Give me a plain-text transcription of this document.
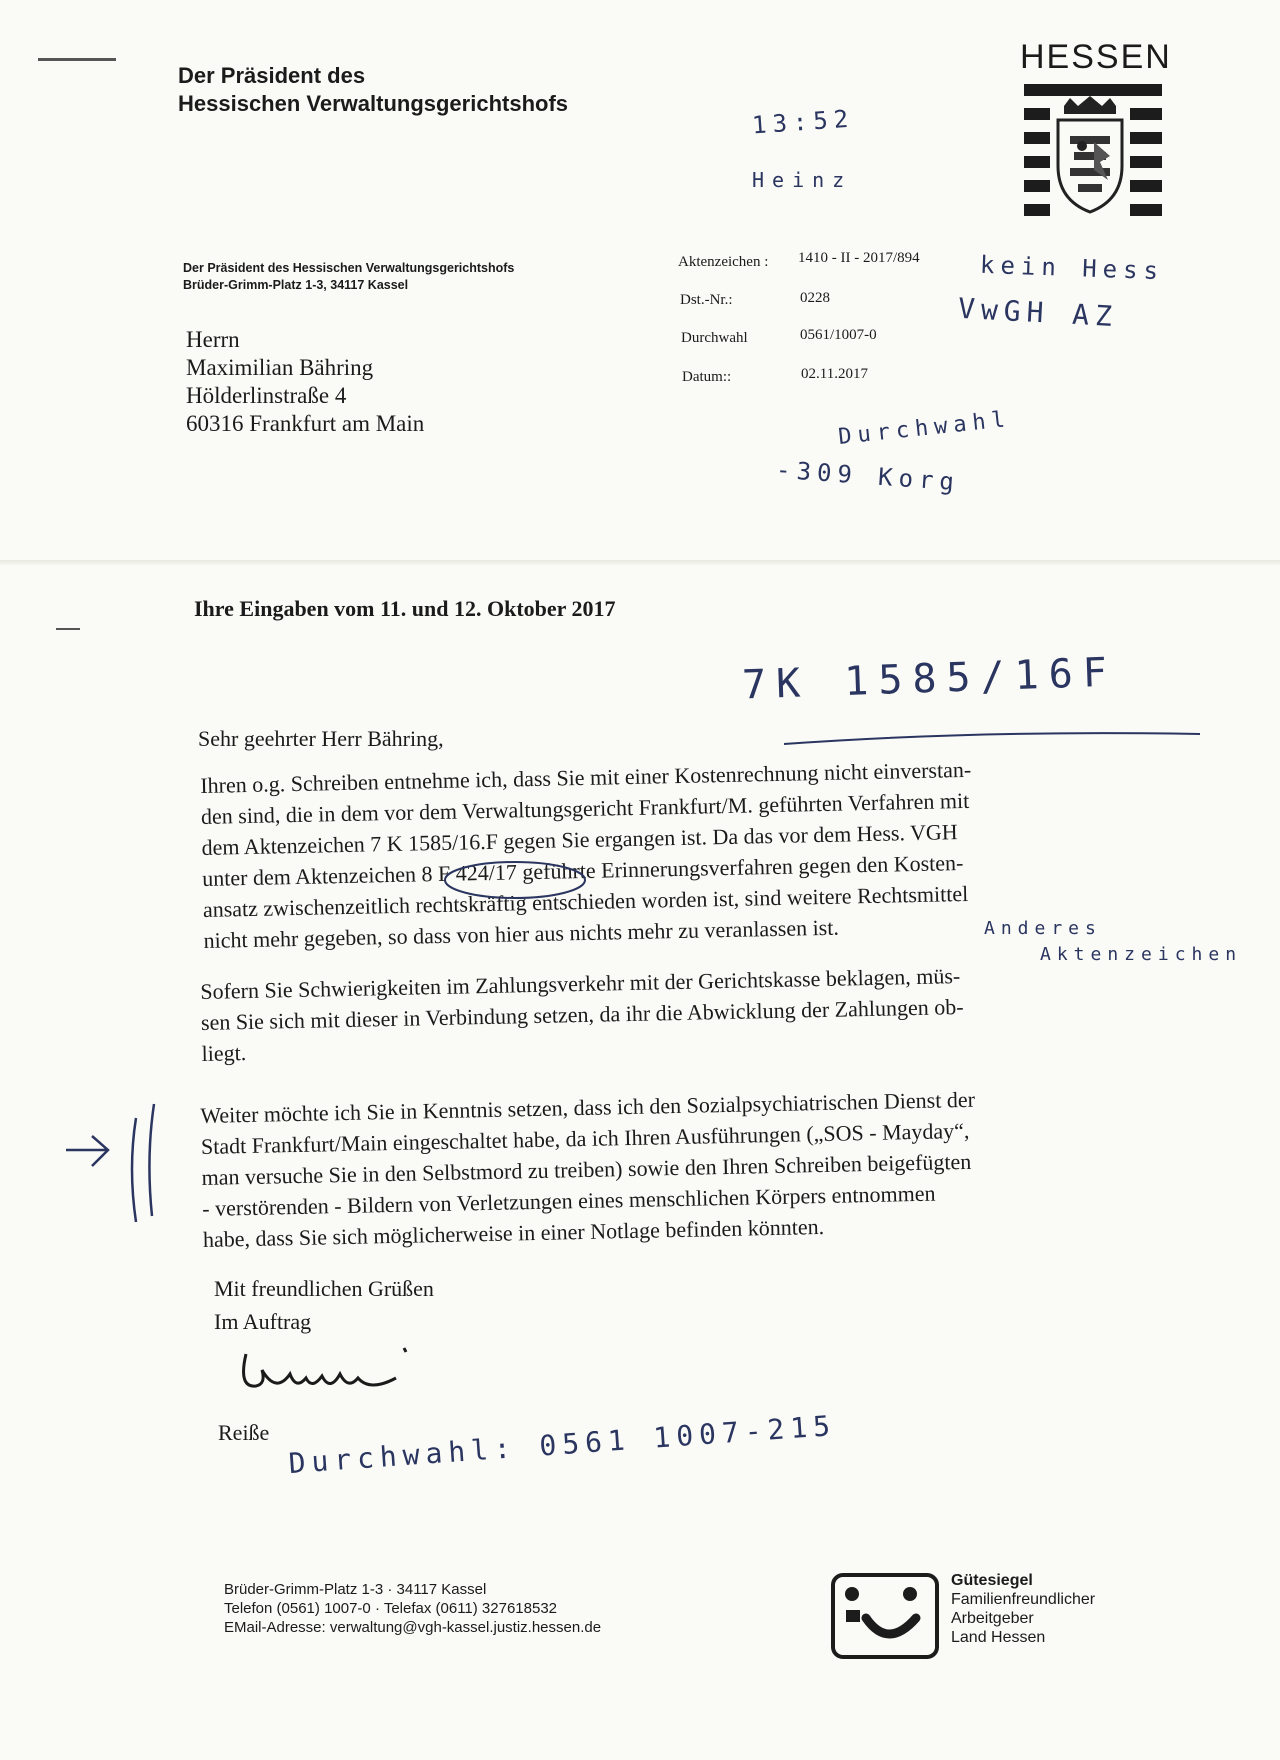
Der Präsident des
Hessischen Verwaltungsgerichtshofs
HESSEN
13:52
Heinz
Der Präsident des Hessischen Verwaltungsgerichtshofs
Brüder-Grimm-Platz 1-3, 34117 Kassel
Herrn
Maximilian Bähring
Hölderlinstraße 4
60316 Frankfurt am Main
Aktenzeichen : 1410 - II - 2017/894
Dst.-Nr.:	0228
Durchwahl	0561/1007-0
Datum::	02.11.2017
kein Hess
VwGH AZ
Durchwahl
-309 Korg
Ihre Eingaben vom 11. und 12. Oktober 2017
7K 1585/16F
Sehr geehrter Herr Bähring,
Ihren o.g. Schreiben entnehme ich, dass Sie mit einer Kostenrechnung nicht einverstan-
den sind, die in dem vor dem Verwaltungsgericht Frankfurt/M. geführten Verfahren mit
dem Aktenzeichen 7 K 1585/16.F gegen Sie ergangen ist. Da das vor dem Hess. VGH
unter dem Aktenzeichen 8 F 424/17 geführte Erinnerungsverfahren gegen den Kosten-
ansatz zwischenzeitlich rechtskräftig entschieden worden ist, sind weitere Rechtsmittel
nicht mehr gegeben, so dass von hier aus nichts mehr zu veranlassen ist.	Anderes
Aktenzeichen
Sofern Sie Schwierigkeiten im Zahlungsverkehr mit der Gerichtskasse beklagen, müs-
sen Sie sich mit dieser in Verbindung setzen, da ihr die Abwicklung der Zahlungen ob-
liegt.
Weiter möchte ich Sie in Kenntnis setzen, dass ich den Sozialpsychiatrischen Dienst der
Stadt Frankfurt/Main eingeschaltet habe, da ich Ihren Ausführungen („SOS - Mayday“,
man versuche Sie in den Selbstmord zu treiben) sowie den Ihren Schreiben beigefügten
- verstörenden - Bildern von Verletzungen eines menschlichen Körpers entnommen
habe, dass Sie sich möglicherweise in einer Notlage befinden könnten.
Mit freundlichen Grüßen
Im Auftrag
Reiße Durchwahl: 0561 1007-215
Brüder-Grimm-Platz 1-3 · 34117 Kassel
Telefon (0561) 1007-0 · Telefax (0611) 327618532
EMail-Adresse: verwaltung@vgh-kassel.justiz.hessen.de
Gütesiegel
Familienfreundlicher
Arbeitgeber
Land Hessen
